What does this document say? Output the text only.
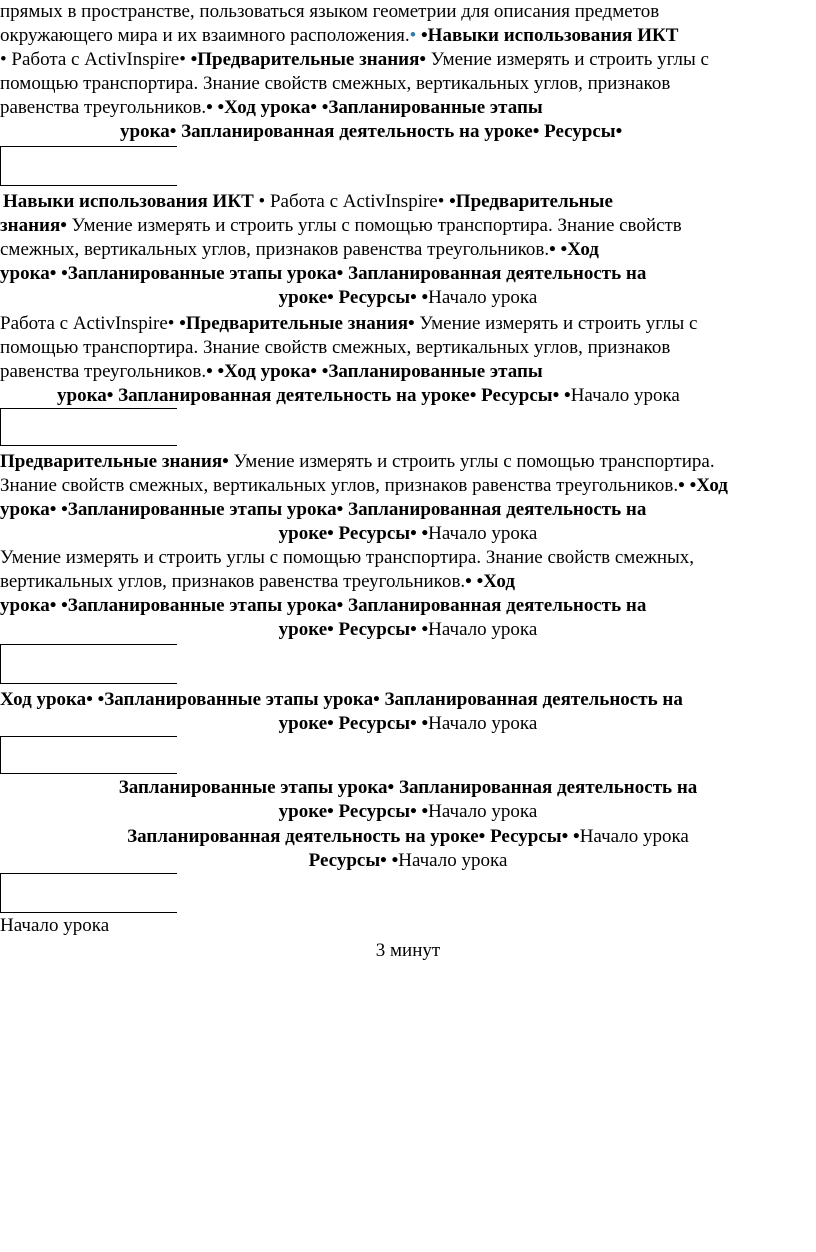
прямых в пространстве, пользоваться языком геометрии для описания предметов
окружающего мира и их взаимного расположения.• •Навыки использования ИКТ
• Работа с ActivInspire• •Предварительные знания• Умение измерять и строить углы с
помощью транспортира. Знание свойств смежных, вертикальных углов, признаков
равенства треугольников.• •Ход урока• •Запланированные этапы
урока• Запланированная деятельность на уроке• Ресурсы•
Навыки использования ИКТ • Работа с ActivInspire• •Предварительные
знания• Умение измерять и строить углы с помощью транспортира. Знание свойств
смежных, вертикальных углов, признаков равенства треугольников.• •Ход
урока• •Запланированные этапы урока• Запланированная деятельность на
уроке• Ресурсы• •Начало урока
Работа с ActivInspire• •Предварительные знания• Умение измерять и строить углы с
помощью транспортира. Знание свойств смежных, вертикальных углов, признаков
равенства треугольников.• •Ход урока• •Запланированные этапы
урока• Запланированная деятельность на уроке• Ресурсы• •Начало урока
Предварительные знания• Умение измерять и строить углы с помощью транспортира.
Знание свойств смежных, вертикальных углов, признаков равенства треугольников.• •Ход
урока• •Запланированные этапы урока• Запланированная деятельность на
уроке• Ресурсы• •Начало урока
Умение измерять и строить углы с помощью транспортира. Знание свойств смежных,
вертикальных углов, признаков равенства треугольников.• •Ход
урока• •Запланированные этапы урока• Запланированная деятельность на
уроке• Ресурсы• •Начало урока
Ход урока• •Запланированные этапы урока• Запланированная деятельность на
уроке• Ресурсы• •Начало урока
Запланированные этапы урока• Запланированная деятельность на
уроке• Ресурсы• •Начало урока
Запланированная деятельность на уроке• Ресурсы• •Начало урока
Ресурсы• •Начало урока
Начало урока
3 минут
